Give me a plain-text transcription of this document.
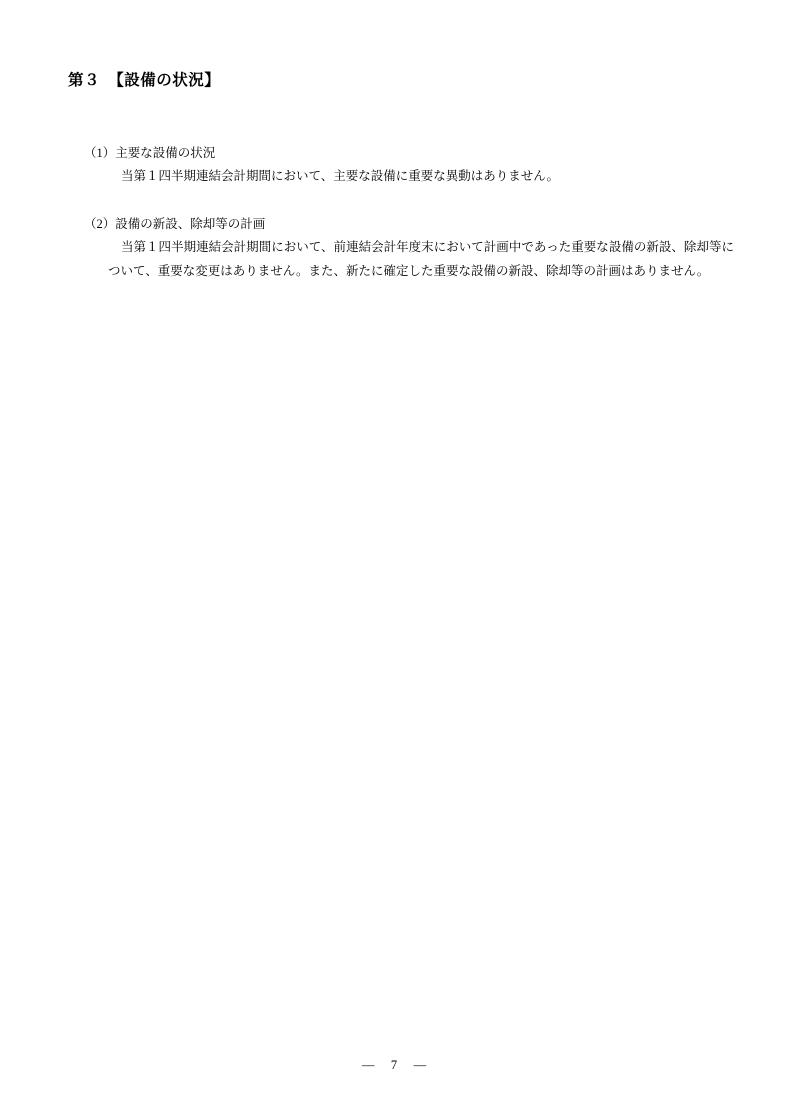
第３　【設備の状況】
（1）主要な設備の状況
当第１四半期連結会計期間において、主要な設備に重要な異動はありません。
（2）設備の新設、除却等の計画
当第１四半期連結会計期間において、前連結会計年度末において計画中であった重要な設備の新設、除却等について、重要な変更はありません。また、新たに確定した重要な設備の新設、除却等の計画はありません。
―　7　―
